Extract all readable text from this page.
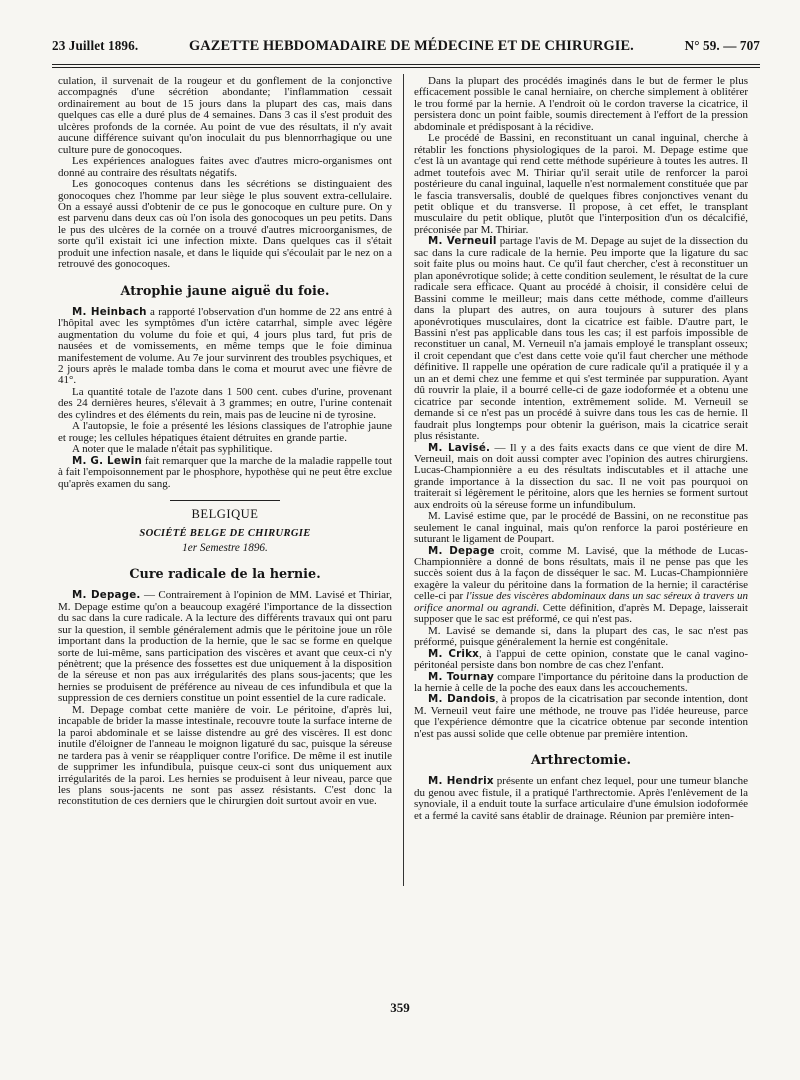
23 Juillet 1896.	GAZETTE HEBDOMADAIRE DE MÉDECINE ET DE CHIRURGIE.	N° 59. — 707

culation, il survenait de la rougeur et du gonflement de la conjonctive accompagnés d'une sécrétion abondante; l'inflammation cessait ordinairement au bout de 15 jours dans la plupart des cas, mais dans quelques cas elle a duré plus de 4 semaines. Dans 3 cas il s'est produit des ulcères profonds de la cornée. Au point de vue des résultats, il n'y avait aucune différence suivant qu'on inoculait du pus blennorrhagique ou une culture pure de gonocoques.

Les expériences analogues faites avec d'autres micro-organismes ont donné au contraire des résultats négatifs.

Les gonocoques contenus dans les sécrétions se distinguaient des gonocoques chez l'homme par leur siège le plus souvent extra-cellulaire. On a essayé aussi d'obtenir de ce pus le gonocoque en culture pure. On y est parvenu dans deux cas où l'on isola des gonocoques un peu petits. Dans le pus des ulcères de la cornée on a trouvé d'autres microorganismes, de sorte qu'il existait ici une infection mixte. Dans quelques cas il s'était produit une infection nasale, et dans le liquide qui s'écoulait par le nez on a retrouvé des gonocoques.

Atrophie jaune aiguë du foie.

M. Heinbach a rapporté l'observation d'un homme de 22 ans entré à l'hôpital avec les symptômes d'un ictère catarrhal, simple avec légère augmentation du volume du foie et qui, 4 jours plus tard, fut pris de nausées et de vomissements, en même temps que le foie diminua manifestement de volume. Au 7e jour survinrent des troubles psychiques, et 2 jours après le malade tomba dans le coma et mourut avec une fièvre de 41°.

La quantité totale de l'azote dans 1 500 cent. cubes d'urine, provenant des 24 dernières heures, s'élevait à 3 grammes; en outre, l'urine contenait des cylindres et des éléments du rein, mais pas de leucine ni de tyrosine.

A l'autopsie, le foie a présenté les lésions classiques de l'atrophie jaune et rouge; les cellules hépatiques étaient détruites en grande partie.

A noter que le malade n'était pas syphilitique.

M. G. Lewin fait remarquer que la marche de la maladie rappelle tout à fait l'empoisonnement par le phosphore, hypothèse qui ne peut être exclue qu'après examen du sang.

BELGIQUE
SOCIÉTÉ BELGE DE CHIRURGIE
1er Semestre 1896.
Cure radicale de la hernie.

M. Depage. — Contrairement à l'opinion de MM. Lavisé et Thiriar, M. Depage estime qu'on a beaucoup exagéré l'importance de la dissection du sac dans la cure radicale. A la lecture des différents travaux qui ont paru sur la question, il semble généralement admis que le péritoine joue un rôle important dans la production de la hernie, que le sac se forme en quelque sorte de lui-même, sans participation des viscères et avant que ceux-ci n'y pénètrent; que la présence des fossettes est due uniquement à la disposition de la séreuse et non pas aux irrégularités des plans sous-jacents; que les hernies se produisent de préférence au niveau de ces infundibula et que la suppression de ces derniers constitue un point essentiel de la cure radicale.

M. Depage combat cette manière de voir. Le péritoine, d'après lui, incapable de brider la masse intestinale, recouvre toute la surface interne de la paroi abdominale et se laisse distendre au gré des viscères. Il est donc inutile d'éloigner de l'anneau le moignon ligaturé du sac, puisque la séreuse ne tardera pas à venir se réappliquer contre l'orifice. De même il est inutile de supprimer les infundibula, puisque ceux-ci sont dus uniquement aux irrégularités de la paroi. Les hernies se produisent à leur niveau, parce que les plans sous-jacents ne sont pas assez résistants. C'est donc la reconstitution de ces derniers que le chirurgien doit surtout avoir en vue.

Dans la plupart des procédés imaginés dans le but de fermer le plus efficacement possible le canal herniaire, on cherche simplement à oblitérer le trou formé par la hernie. A l'endroit où le cordon traverse la cicatrice, il persistera donc un point faible, soumis directement à l'effort de la pression abdominale et prédisposant à la récidive.

Le procédé de Bassini, en reconstituant un canal inguinal, cherche à rétablir les fonctions physiologiques de la paroi. M. Depage estime que c'est là un avantage qui rend cette méthode supérieure à toutes les autres. Il admet toutefois avec M. Thiriar qu'il serait utile de renforcer la paroi postérieure du canal inguinal, laquelle n'est normalement constituée que par le fascia transversalis, doublé de quelques fibres conjonctives venant du petit oblique et du transverse. Il propose, à cet effet, le transplant musculaire du petit oblique, plutôt que l'interposition d'un os décalcifié, préconisée par M. Thiriar.

M. Verneuil partage l'avis de M. Depage au sujet de la dissection du sac dans la cure radicale de la hernie. Peu importe que la ligature du sac soit faite plus ou moins haut. Ce qu'il faut chercher, c'est à reconstituer un plan aponévrotique solide; à cette condition seulement, le résultat de la cure radicale sera efficace. Quant au procédé à choisir, il considère celui de Bassini comme le meilleur; mais dans cette méthode, comme d'ailleurs dans la plupart des autres, on aura toujours à suturer des plans aponévrotiques musculaires, dont la cicatrice est faible. D'autre part, le Bassini n'est pas applicable dans tous les cas; il est parfois impossible de reconstituer un canal, M. Verneuil n'a jamais employé le transplant osseux; il croit cependant que c'est dans cette voie qu'il faut chercher une méthode définitive. Il rappelle une opération de cure radicale qu'il a pratiquée il y a un an et demi chez une femme et qui s'est terminée par suppuration. Ayant dû rouvrir la plaie, il a bourré celle-ci de gaze iodoformée et a obtenu une cicatrice par seconde intention, extrêmement solide. M. Verneuil se demande si ce n'est pas un procédé à suivre dans tous les cas de hernie. Il faudrait plus longtemps pour obtenir la guérison, mais la cicatrice serait plus résistante.

M. Lavisé. — Il y a des faits exacts dans ce que vient de dire M. Verneuil, mais on doit aussi compter avec l'opinion des autres chirurgiens. Lucas-Championnière a eu des résultats indiscutables et il attache une grande importance à la dissection du sac. Il ne voit pas pourquoi on traiterait si légèrement le péritoine, alors que les hernies se forment surtout aux endroits où la séreuse forme un infundibulum.

M. Lavisé estime que, par le procédé de Bassini, on ne reconstitue pas seulement le canal inguinal, mais qu'on renforce la paroi postérieure en suturant le ligament de Poupart.

M. Depage croit, comme M. Lavisé, que la méthode de Lucas-Championnière a donné de bons résultats, mais il ne pense pas que les succès soient dus à la façon de disséquer le sac. M. Lucas-Championnière exagère la valeur du péritoine dans la formation de la hernie; il caractérise celle-ci par l'issue des viscères abdominaux dans un sac séreux à travers un orifice anormal ou agrandi. Cette définition, d'après M. Depage, laisserait supposer que le sac est préformé, ce qui n'est pas.

M. Lavisé se demande si, dans la plupart des cas, le sac n'est pas préformé, puisque généralement la hernie est congénitale.

M. Crikx, à l'appui de cette opinion, constate que le canal vagino-péritonéal persiste dans bon nombre de cas chez l'enfant.

M. Tournay compare l'importance du péritoine dans la production de la hernie à celle de la poche des eaux dans les accouchements.

M. Dandois, à propos de la cicatrisation par seconde intention, dont M. Verneuil veut faire une méthode, ne trouve pas l'idée heureuse, parce que l'expérience démontre que la cicatrice obtenue par seconde intention n'est pas aussi solide que celle obtenue par première intention.

Arthrectomie.

M. Hendrix présente un enfant chez lequel, pour une tumeur blanche du genou avec fistule, il a pratiqué l'arthrectomie. Après l'enlèvement de la synoviale, il a enduit toute la surface articulaire d'une émulsion iodoformée et a fermé la cavité sans établir de drainage. Réunion par première inten-

359
